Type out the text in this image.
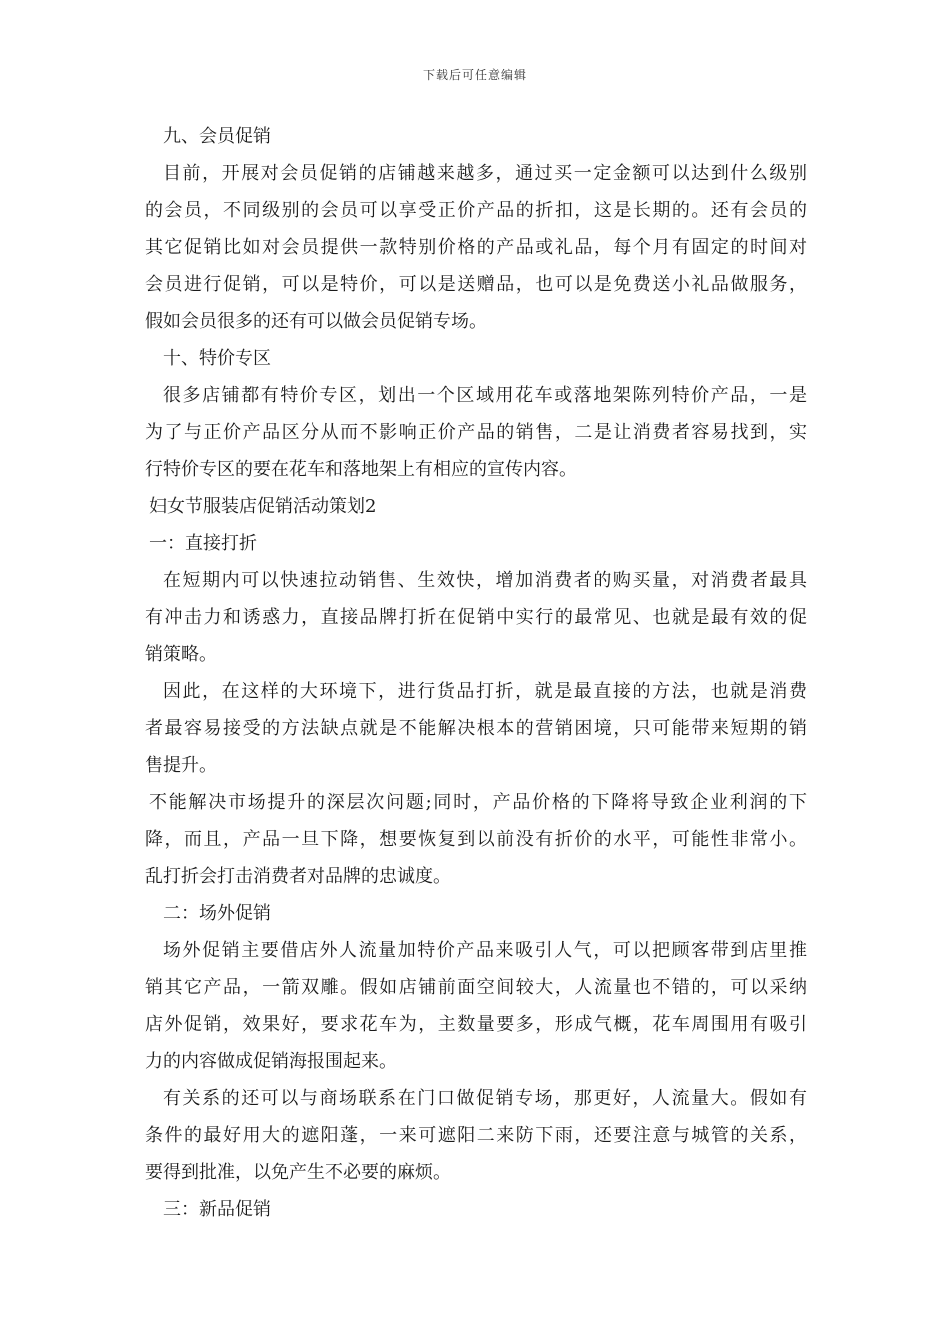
下载后可任意编辑
九、会员促销
目前，开展对会员促销的店铺越来越多，通过买一定金额可以达到什么级别
的会员，不同级别的会员可以享受正价产品的折扣，这是长期的。还有会员的
其它促销比如对会员提供一款特别价格的产品或礼品，每个月有固定的时间对
会员进行促销，可以是特价，可以是送赠品，也可以是免费送小礼品做服务，
假如会员很多的还有可以做会员促销专场。
十、特价专区
很多店铺都有特价专区，划出一个区域用花车或落地架陈列特价产品，一是
为了与正价产品区分从而不影响正价产品的销售，二是让消费者容易找到，实
行特价专区的要在花车和落地架上有相应的宣传内容。
妇女节服装店促销活动策划2
一：直接打折
在短期内可以快速拉动销售、生效快，增加消费者的购买量，对消费者最具
有冲击力和诱惑力，直接品牌打折在促销中实行的最常见、也就是最有效的促
销策略。
因此，在这样的大环境下，进行货品打折，就是最直接的方法，也就是消费
者最容易接受的方法缺点就是不能解决根本的营销困境，只可能带来短期的销
售提升。
不能解决市场提升的深层次问题;同时，产品价格的下降将导致企业利润的下
降，而且，产品一旦下降，想要恢复到以前没有折价的水平，可能性非常小。
乱打折会打击消费者对品牌的忠诚度。
二：场外促销
场外促销主要借店外人流量加特价产品来吸引人气，可以把顾客带到店里推
销其它产品，一箭双雕。假如店铺前面空间较大，人流量也不错的，可以采纳
店外促销，效果好，要求花车为，主数量要多，形成气概，花车周围用有吸引
力的内容做成促销海报围起来。
有关系的还可以与商场联系在门口做促销专场，那更好，人流量大。假如有
条件的最好用大的遮阳蓬，一来可遮阳二来防下雨，还要注意与城管的关系，
要得到批准，以免产生不必要的麻烦。
三：新品促销
